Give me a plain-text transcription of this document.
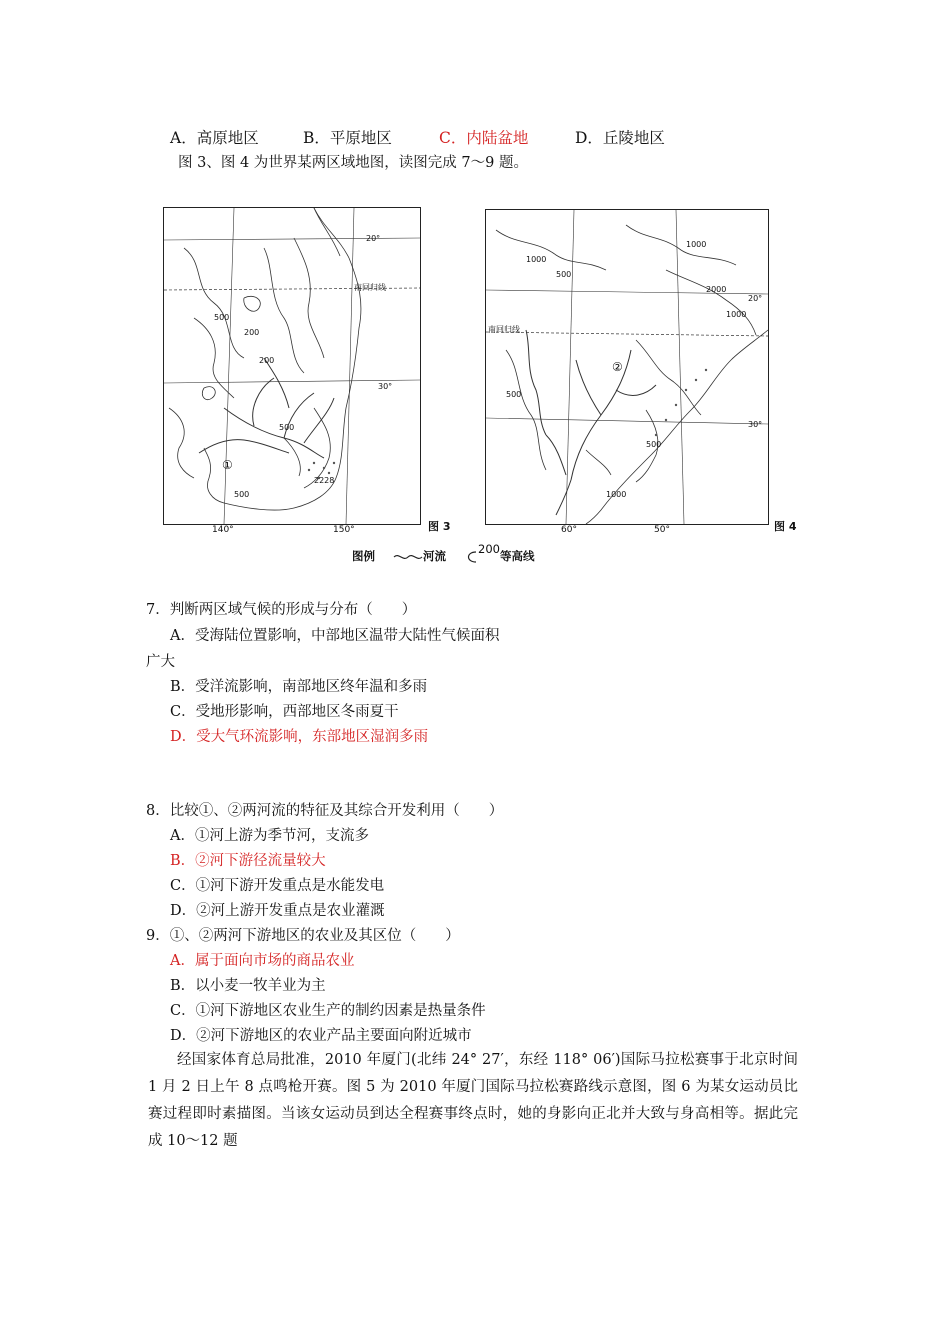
A．高原地区	B．平原地区	C．内陆盆地	D．丘陵地区
图 3、图 4 为世界某两区域地图，读图完成 7～9 题。
20°
南回归线
30°
①
200
200
500
500
2228
500
140°	150°	图 3
20°
南回归线
30°
②
1000
2000
1000
500
1000
500
500
1000
60°	50°	图 4
图例	河流	200等高线
7．判断两区域气候的形成与分布（　　）
A．受海陆位置影响，中部地区温带大陆性气候面积
广大
B．受洋流影响，南部地区终年温和多雨
C．受地形影响，西部地区冬雨夏干
D．受大气环流影响，东部地区湿润多雨
8．比较①、②两河流的特征及其综合开发利用（　　）
A．①河上游为季节河，支流多
B．②河下游径流量较大
C．①河下游开发重点是水能发电
D．②河上游开发重点是农业灌溉
9．①、②两河下游地区的农业及其区位（　　）
A．属于面向市场的商品农业
B．以小麦一牧羊业为主
C．①河下游地区农业生产的制约因素是热量条件
D．②河下游地区的农业产品主要面向附近城市
经国家体育总局批准，2010 年厦门(北纬 24° 27′，东经 118° 06′)国际马拉松赛事于北京时间 1 月 2 日上午 8 点鸣枪开赛。图 5 为 2010 年厦门国际马拉松赛路线示意图，图 6 为某女运动员比赛过程即时素描图。当该女运动员到达全程赛事终点时，她的身影向正北并大致与身高相等。据此完成 10～12 题
